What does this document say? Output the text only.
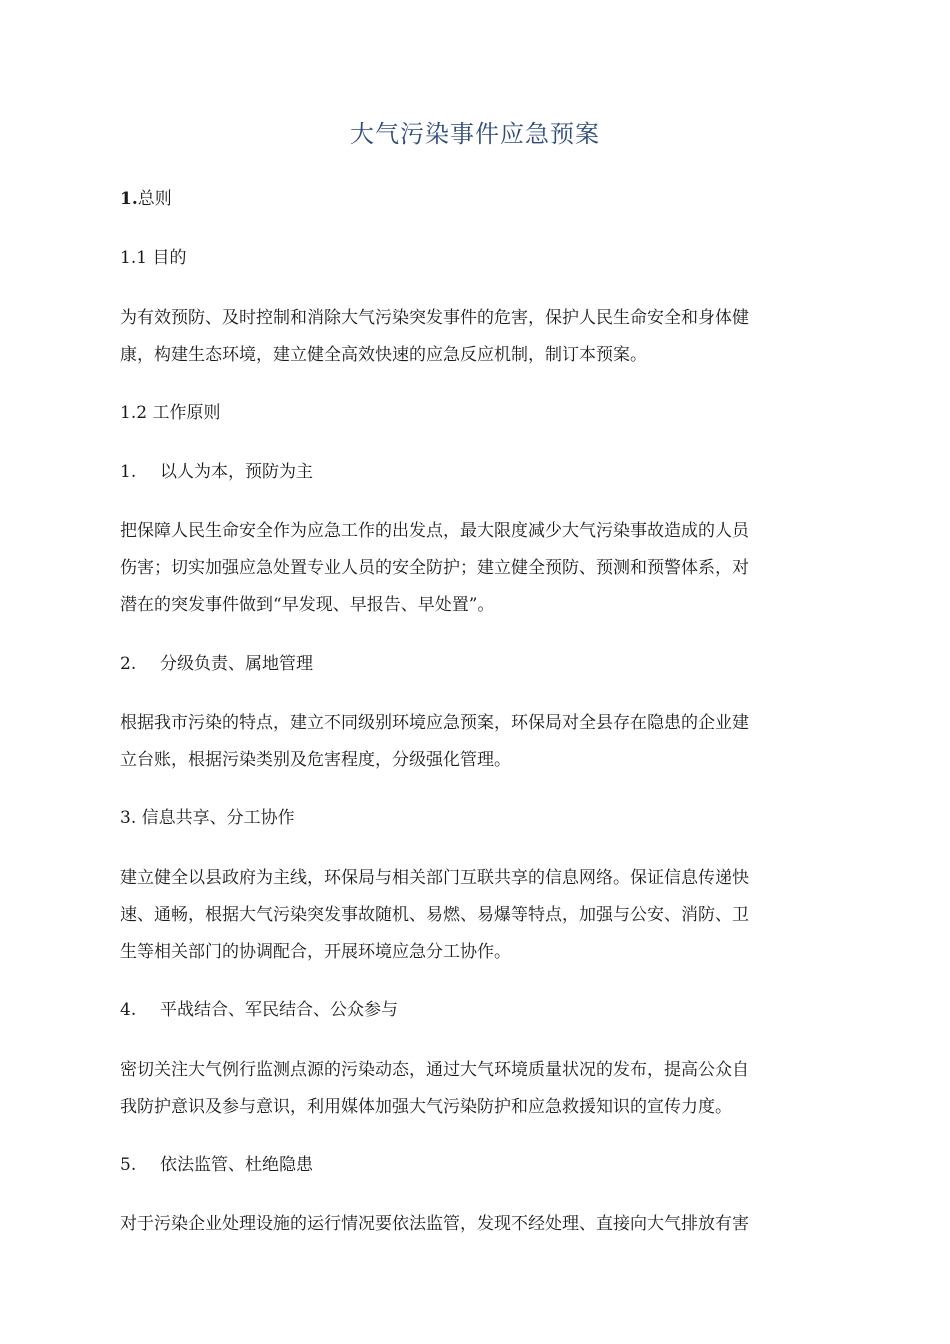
大气污染事件应急预案
1.总则
1.1 目的
为有效预防、及时控制和消除大气污染突发事件的危害，保护人民生命安全和身体健
康，构建生态环境，建立健全高效快速的应急反应机制，制订本预案。
1.2 工作原则
1. 以人为本，预防为主
把保障人民生命安全作为应急工作的出发点，最大限度减少大气污染事故造成的人员
伤害；切实加强应急处置专业人员的安全防护；建立健全预防、预测和预警体系，对
潜在的突发事件做到“早发现、早报告、早处置”。
2. 分级负责、属地管理
根据我市污染的特点，建立不同级别环境应急预案，环保局对全县存在隐患的企业建
立台账，根据污染类别及危害程度，分级强化管理。
3. 信息共享、分工协作
建立健全以县政府为主线，环保局与相关部门互联共享的信息网络。保证信息传递快
速、通畅，根据大气污染突发事故随机、易燃、易爆等特点，加强与公安、消防、卫
生等相关部门的协调配合，开展环境应急分工协作。
4. 平战结合、军民结合、公众参与
密切关注大气例行监测点源的污染动态，通过大气环境质量状况的发布，提高公众自
我防护意识及参与意识，利用媒体加强大气污染防护和应急救援知识的宣传力度。
5. 依法监管、杜绝隐患
对于污染企业处理设施的运行情况要依法监管，发现不经处理、直接向大气排放有害
